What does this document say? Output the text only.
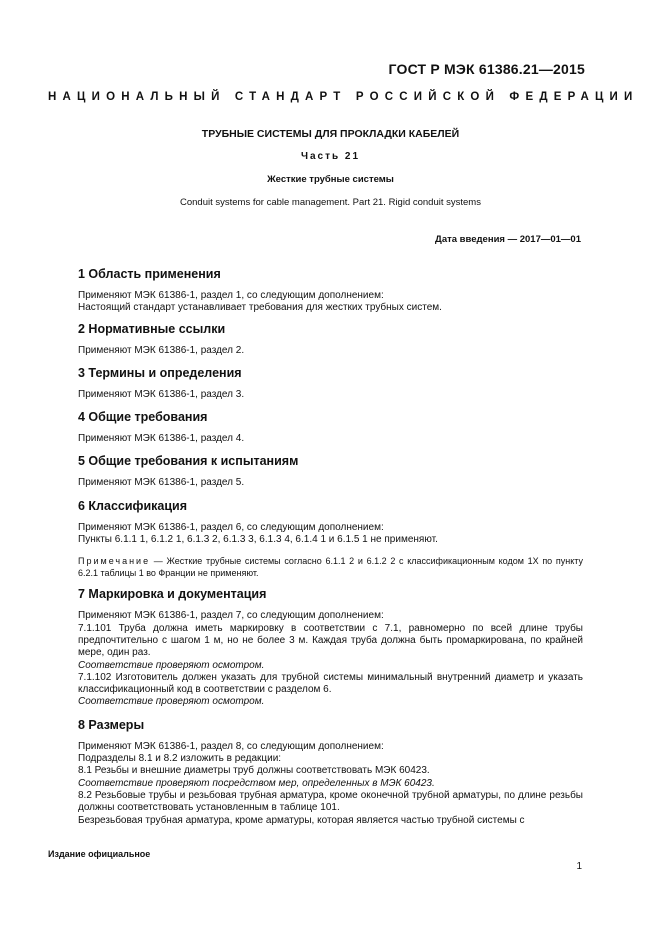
ГОСТ Р МЭК 61386.21—2015
НАЦИОНАЛЬНЫЙ СТАНДАРТ РОССИЙСКОЙ ФЕДЕРАЦИИ
ТРУБНЫЕ СИСТЕМЫ ДЛЯ ПРОКЛАДКИ КАБЕЛЕЙ
Часть 21
Жесткие трубные системы
Conduit systems for cable management. Part 21. Rigid conduit systems
Дата введения — 2017—01—01
1 Область применения

Применяют МЭК 61386-1, раздел 1, со следующим дополнением:

Настоящий стандарт устанавливает требования для жестких трубных систем.

2 Нормативные ссылки

Применяют МЭК 61386-1, раздел 2.

3 Термины и определения

Применяют МЭК 61386-1, раздел 3.

4 Общие требования

Применяют МЭК 61386-1, раздел 4.

5 Общие требования к испытаниям

Применяют МЭК 61386-1, раздел 5.

6 Классификация

Применяют МЭК 61386-1, раздел 6, со следующим дополнением:

Пункты 6.1.1 1, 6.1.2 1, 6.1.3 2, 6.1.3 3, 6.1.3 4, 6.1.4 1 и 6.1.5 1 не применяют.

Примечание — Жесткие трубные системы согласно 6.1.1 2 и 6.1.2 2 с классификационным кодом 1Х по пункту 6.2.1 таблицы 1 во Франции не применяют.

7 Маркировка и документация

Применяют МЭК 61386-1, раздел 7, со следующим дополнением:

7.1.101 Труба должна иметь маркировку в соответствии с 7.1, равномерно по всей длине трубы предпочтительно с шагом 1 м, но не более 3 м. Каждая труба должна быть промаркирована, по крайней мере, один раз.

Соответствие проверяют осмотром.

7.1.102 Изготовитель должен указать для трубной системы минимальный внутренний диаметр и указать классификационный код в соответствии с разделом 6.

Соответствие проверяют осмотром.

8 Размеры

Применяют МЭК 61386-1, раздел 8, со следующим дополнением:

Подразделы 8.1 и 8.2 изложить в редакции:

8.1 Резьбы и внешние диаметры труб должны соответствовать МЭК 60423.

Соответствие проверяют посредством мер, определенных в МЭК 60423.

8.2 Резьбовые трубы и резьбовая трубная арматура, кроме оконечной трубной арматуры, по длине резьбы должны соответствовать установленным в таблице 101.

Безрезьбовая трубная арматура, кроме арматуры, которая является частью трубной системы с

Издание официальное
1
